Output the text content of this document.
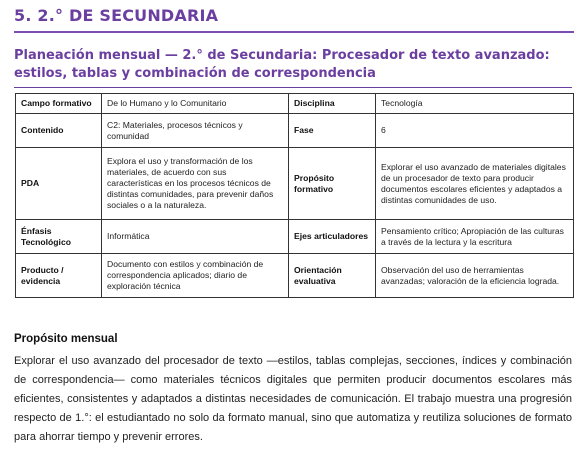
5. 2.° DE SECUNDARIA
Planeación mensual — 2.° de Secundaria: Procesador de texto avanzado: estilos, tablas y combinación de correspondencia
Campo formativo	De lo Humano y lo Comunitario	Disciplina	Tecnología
Contenido	C2: Materiales, procesos técnicos y comunidad	Fase	6
PDA	Explora el uso y transformación de los materiales, de acuerdo con sus características en los procesos técnicos de distintas comunidades, para prevenir daños sociales o a la naturaleza.	Propósito formativo	Explorar el uso avanzado de materiales digitales de un procesador de texto para producir documentos escolares eficientes y adaptados a distintas comunidades de uso.
Énfasis Tecnológico	Informática	Ejes articuladores	Pensamiento crítico; Apropiación de las culturas a través de la lectura y la escritura
Producto / evidencia	Documento con estilos y combinación de correspondencia aplicados; diario de exploración técnica	Orientación evaluativa	Observación del uso de herramientas avanzadas; valoración de la eficiencia lograda.
Propósito mensual
Explorar el uso avanzado del procesador de texto —estilos, tablas complejas, secciones, índices y combinación de correspondencia— como materiales técnicos digitales que permiten producir documentos escolares más eficientes, consistentes y adaptados a distintas necesidades de comunicación. El trabajo muestra una progresión respecto de 1.°: el estudiantado no solo da formato manual, sino que automatiza y reutiliza soluciones de formato para ahorrar tiempo y prevenir errores.
